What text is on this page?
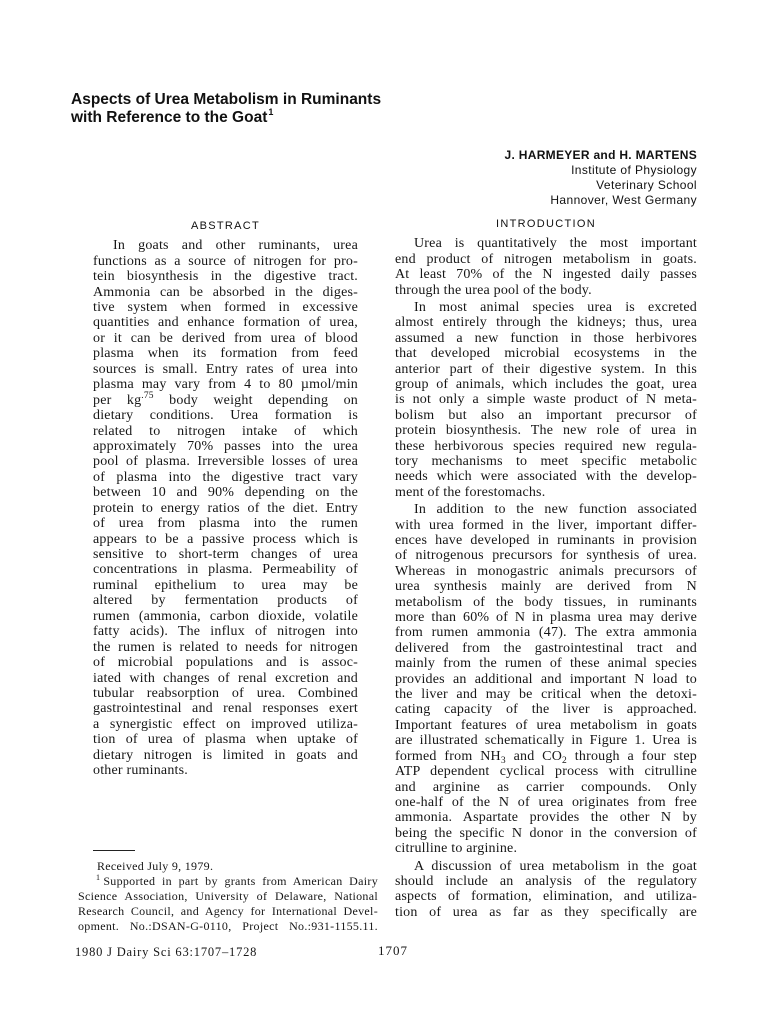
Aspects of Urea Metabolism in Ruminants
with Reference to the Goat$^1$
J. HARMEYER and H. MARTENS
Institute of Physiology
Veterinary School
Hannover, West Germany
ABSTRACT
In goats and other ruminants, urea
functions as a source of nitrogen for pro-
tein biosynthesis in the digestive tract.
Ammonia can be absorbed in the diges-
tive system when formed in excessive
quantities and enhance formation of urea,
or it can be derived from urea of blood
plasma when its formation from feed
sources is small. Entry rates of urea into
plasma may vary from 4 to 80 µmol/min
per $kg^{.75}$ body weight depending on
dietary conditions. Urea formation is
related to nitrogen intake of which
approximately 70% passes into the urea
pool of plasma. Irreversible losses of urea
of plasma into the digestive tract vary
between 10 and 90% depending on the
protein to energy ratios of the diet. Entry
of urea from plasma into the rumen
appears to be a passive process which is
sensitive to short-term changes of urea
concentrations in plasma. Permeability of
ruminal epithelium to urea may be
altered by fermentation products of
rumen (ammonia, carbon dioxide, volatile
fatty acids). The influx of nitrogen into
the rumen is related to needs for nitrogen
of microbial populations and is assoc-
iated with changes of renal excretion and
tubular reabsorption of urea. Combined
gastrointestinal and renal responses exert
a synergistic effect on improved utiliza-
tion of urea of plasma when uptake of
dietary nitrogen is limited in goats and
other ruminants.
INTRODUCTION
Urea is quantitatively the most important
end product of nitrogen metabolism in goats.
At least 70% of the N ingested daily passes
through the urea pool of the body.
In most animal species urea is excreted
almost entirely through the kidneys; thus, urea
assumed a new function in those herbivores
that developed microbial ecosystems in the
anterior part of their digestive system. In this
group of animals, which includes the goat, urea
is not only a simple waste product of N meta-
bolism but also an important precursor of
protein biosynthesis. The new role of urea in
these herbivorous species required new regula-
tory mechanisms to meet specific metabolic
needs which were associated with the develop-
ment of the forestomachs.
In addition to the new function associated
with urea formed in the liver, important differ-
ences have developed in ruminants in provision
of nitrogenous precursors for synthesis of urea.
Whereas in monogastric animals precursors of
urea synthesis mainly are derived from N
metabolism of the body tissues, in ruminants
more than 60% of N in plasma urea may derive
from rumen ammonia (47). The extra ammonia
delivered from the gastrointestinal tract and
mainly from the rumen of these animal species
provides an additional and important N load to
the liver and may be critical when the detoxi-
cating capacity of the liver is approached.
Important features of urea metabolism in goats
are illustrated schematically in Figure 1. Urea is
formed from $NH_3$ and $CO_2$ through a four step
ATP dependent cyclical process with citrulline
and arginine as carrier compounds. Only
one-half of the N of urea originates from free
ammonia. Aspartate provides the other N by
being the specific N donor in the conversion of
citrulline to arginine.
A discussion of urea metabolism in the goat
should include an analysis of the regulatory
aspects of formation, elimination, and utiliza-
tion of urea as far as they specifically are
Received July 9, 1979.
$^1$ Supported in part by grants from American Dairy
Science Association, University of Delaware, National
Research Council, and Agency for International Devel-
opment. No.:DSAN-G-0110, Project No.:931-1155.11.
1980 J Dairy Sci 63:1707–1728	1707
